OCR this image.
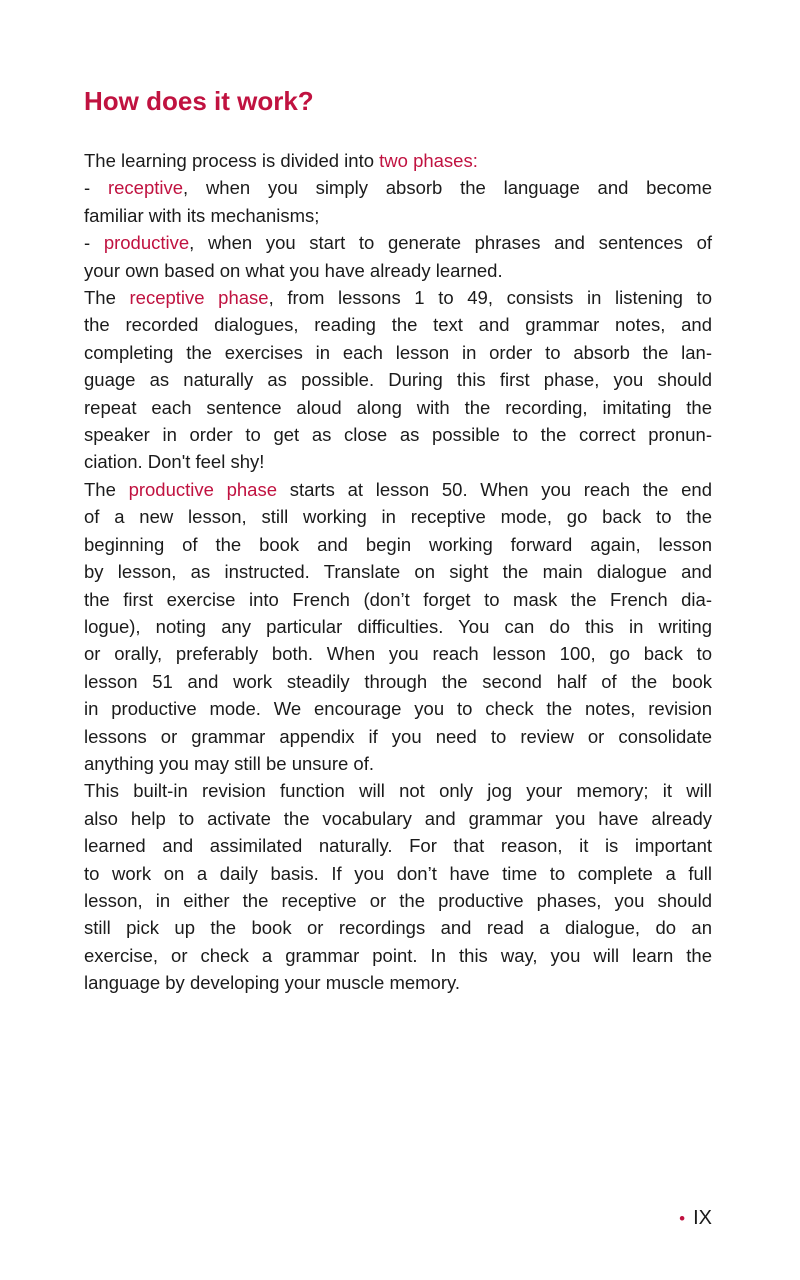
How does it work?
The learning process is divided into two phases:
- receptive, when you simply absorb the language and become
familiar with its mechanisms;
- productive, when you start to generate phrases and sentences of
your own based on what you have already learned.
The receptive phase, from lessons 1 to 49, consists in listening to
the recorded dialogues, reading the text and grammar notes, and
completing the exercises in each lesson in order to absorb the lan-
guage as naturally as possible. During this first phase, you should
repeat each sentence aloud along with the recording, imitating the
speaker in order to get as close as possible to the correct pronun-
ciation. Don't feel shy!
The productive phase starts at lesson 50. When you reach the end
of a new lesson, still working in receptive mode, go back to the
beginning of the book and begin working forward again, lesson
by lesson, as instructed. Translate on sight the main dialogue and
the first exercise into French (don’t forget to mask the French dia-
logue), noting any particular difficulties. You can do this in writing
or orally, preferably both. When you reach lesson 100, go back to
lesson 51 and work steadily through the second half of the book
in productive mode. We encourage you to check the notes, revision
lessons or grammar appendix if you need to review or consolidate
anything you may still be unsure of.
This built-in revision function will not only jog your memory; it will
also help to activate the vocabulary and grammar you have already
learned and assimilated naturally. For that reason, it is important
to work on a daily basis. If you don’t have time to complete a full
lesson, in either the receptive or the productive phases, you should
still pick up the book or recordings and read a dialogue, do an
exercise, or check a grammar point. In this way, you will learn the
language by developing your muscle memory.
• IX
